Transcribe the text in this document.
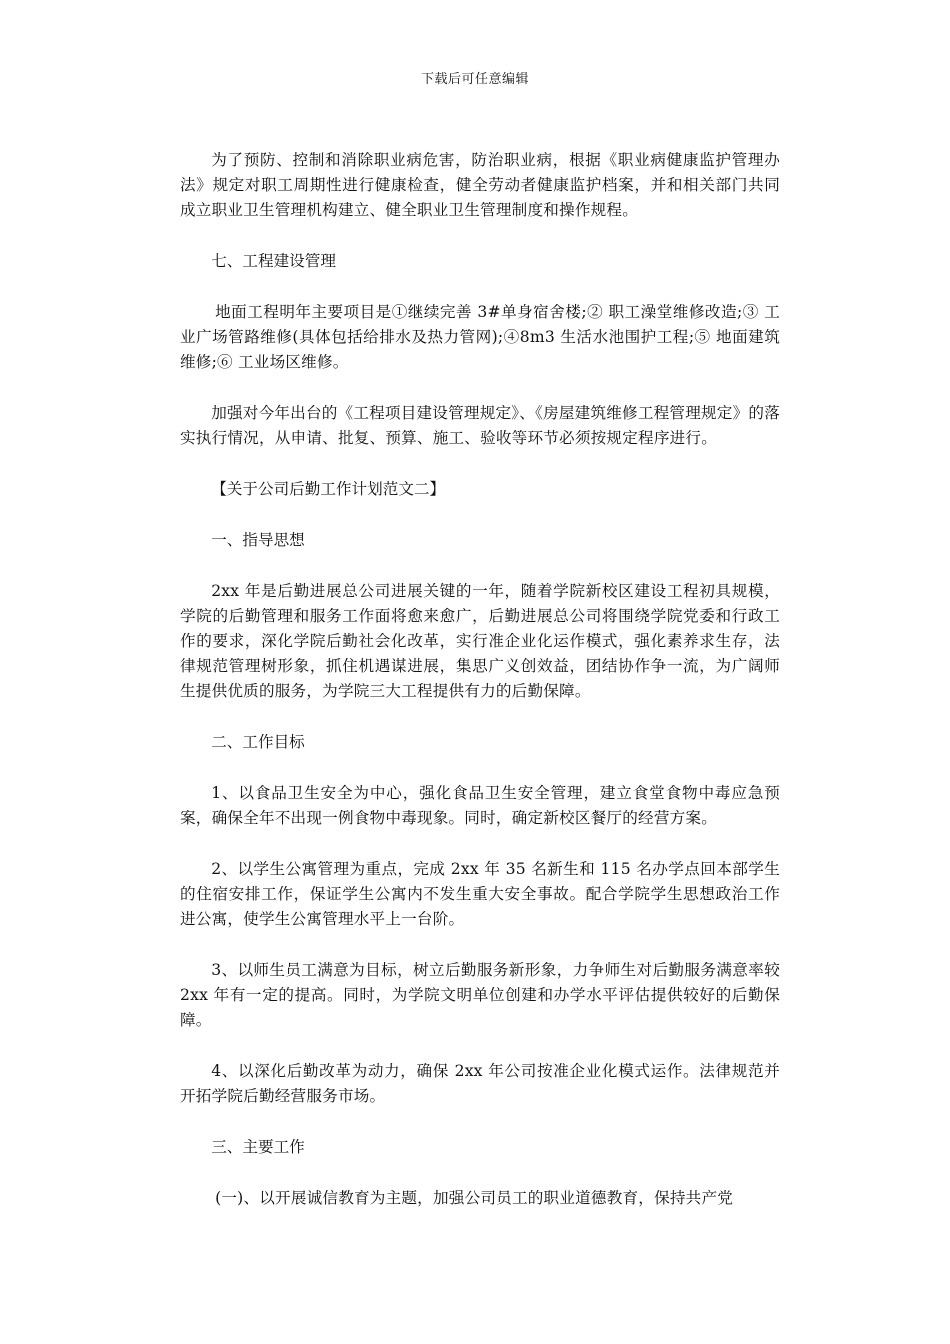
下载后可任意编辑

为了预防、控制和消除职业病危害，防治职业病，根据《职业病健康监护管理办法》规定对职工周期性进行健康检查，健全劳动者健康监护档案，并和相关部门共同成立职业卫生管理机构建立、健全职业卫生管理制度和操作规程。

七、工程建设管理

地面工程明年主要项目是①继续完善 3#单身宿舍楼;② 职工澡堂维修改造;③ 工业广场管路维修(具体包括给排水及热力管网);④8m3 生活水池围护工程;⑤ 地面建筑维修;⑥ 工业场区维修。

加强对今年出台的《工程项目建设管理规定》、《房屋建筑维修工程管理规定》的落实执行情况，从申请、批复、预算、施工、验收等环节必须按规定程序进行。

【关于公司后勤工作计划范文二】

一、指导思想

2xx 年是后勤进展总公司进展关键的一年，随着学院新校区建设工程初具规模，学院的后勤管理和服务工作面将愈来愈广，后勤进展总公司将围绕学院党委和行政工作的要求，深化学院后勤社会化改革，实行准企业化运作模式，强化素养求生存，法律规范管理树形象，抓住机遇谋进展，集思广义创效益，团结协作争一流，为广阔师生提供优质的服务，为学院三大工程提供有力的后勤保障。

二、工作目标

1、以食品卫生安全为中心，强化食品卫生安全管理，建立食堂食物中毒应急预案，确保全年不出现一例食物中毒现象。同时，确定新校区餐厅的经营方案。

2、以学生公寓管理为重点，完成 2xx 年 35 名新生和 115 名办学点回本部学生的住宿安排工作，保证学生公寓内不发生重大安全事故。配合学院学生思想政治工作进公寓，使学生公寓管理水平上一台阶。

3、以师生员工满意为目标，树立后勤服务新形象，力争师生对后勤服务满意率较 2xx 年有一定的提高。同时，为学院文明单位创建和办学水平评估提供较好的后勤保障。

4、以深化后勤改革为动力，确保 2xx 年公司按准企业化模式运作。法律规范并开拓学院后勤经营服务市场。

三、主要工作

(一)、以开展诚信教育为主题，加强公司员工的职业道德教育，保持共产党
